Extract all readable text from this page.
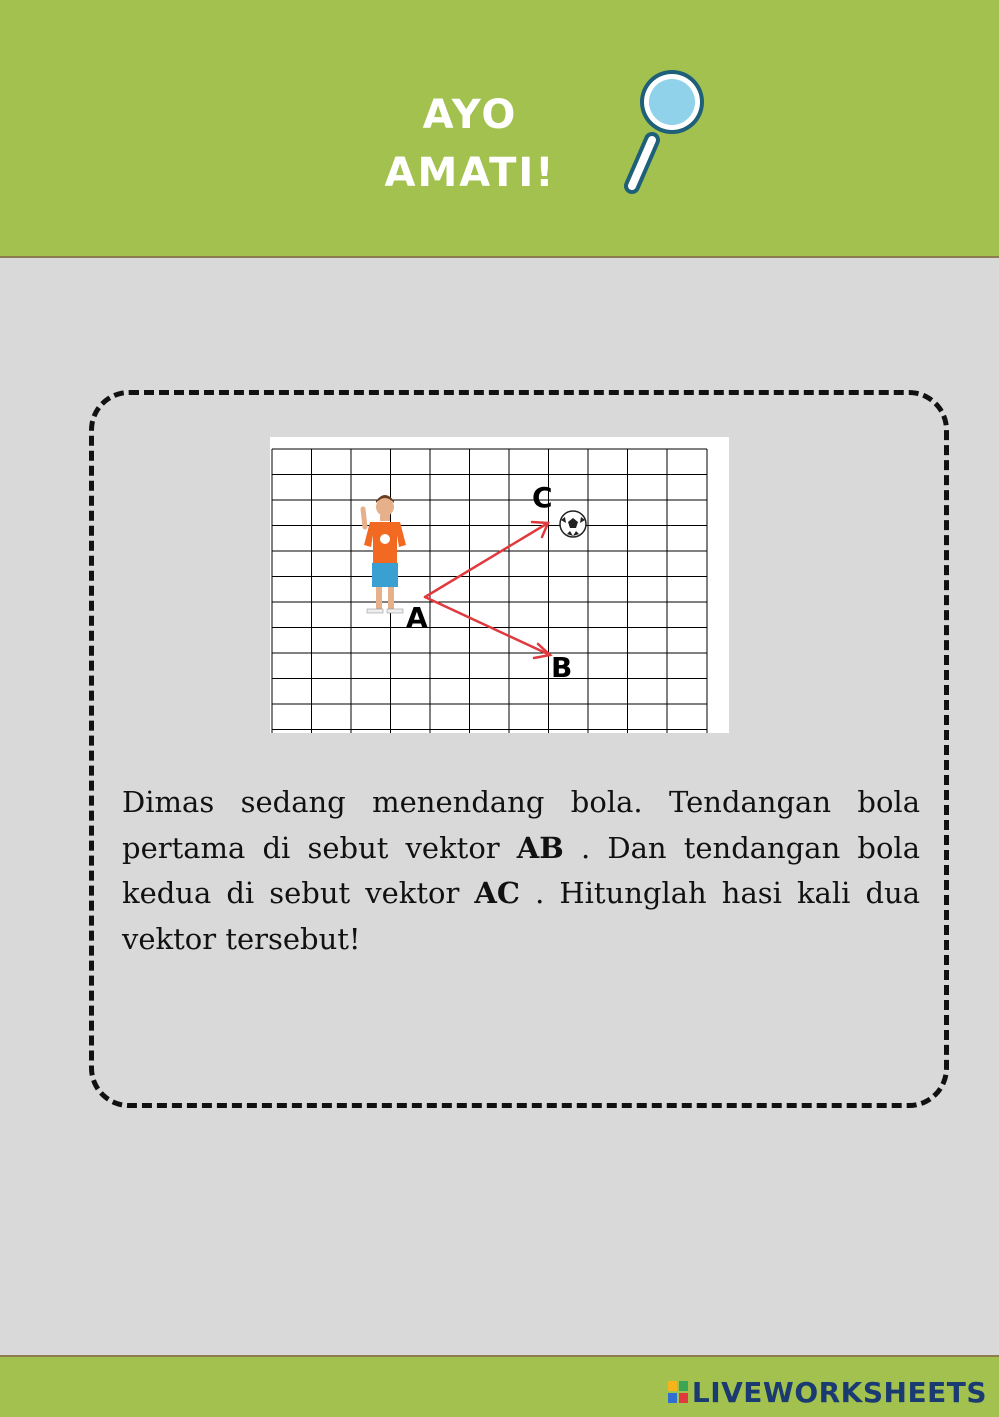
AYO
AMATI!
A
B
C
Dimas sedang menendang bola. Tendangan bola pertama di sebut vektor AB . Dan tendangan bola kedua di sebut vektor AC . Hitunglah hasi kali dua vektor tersebut!
LIVEWORKSHEETS
